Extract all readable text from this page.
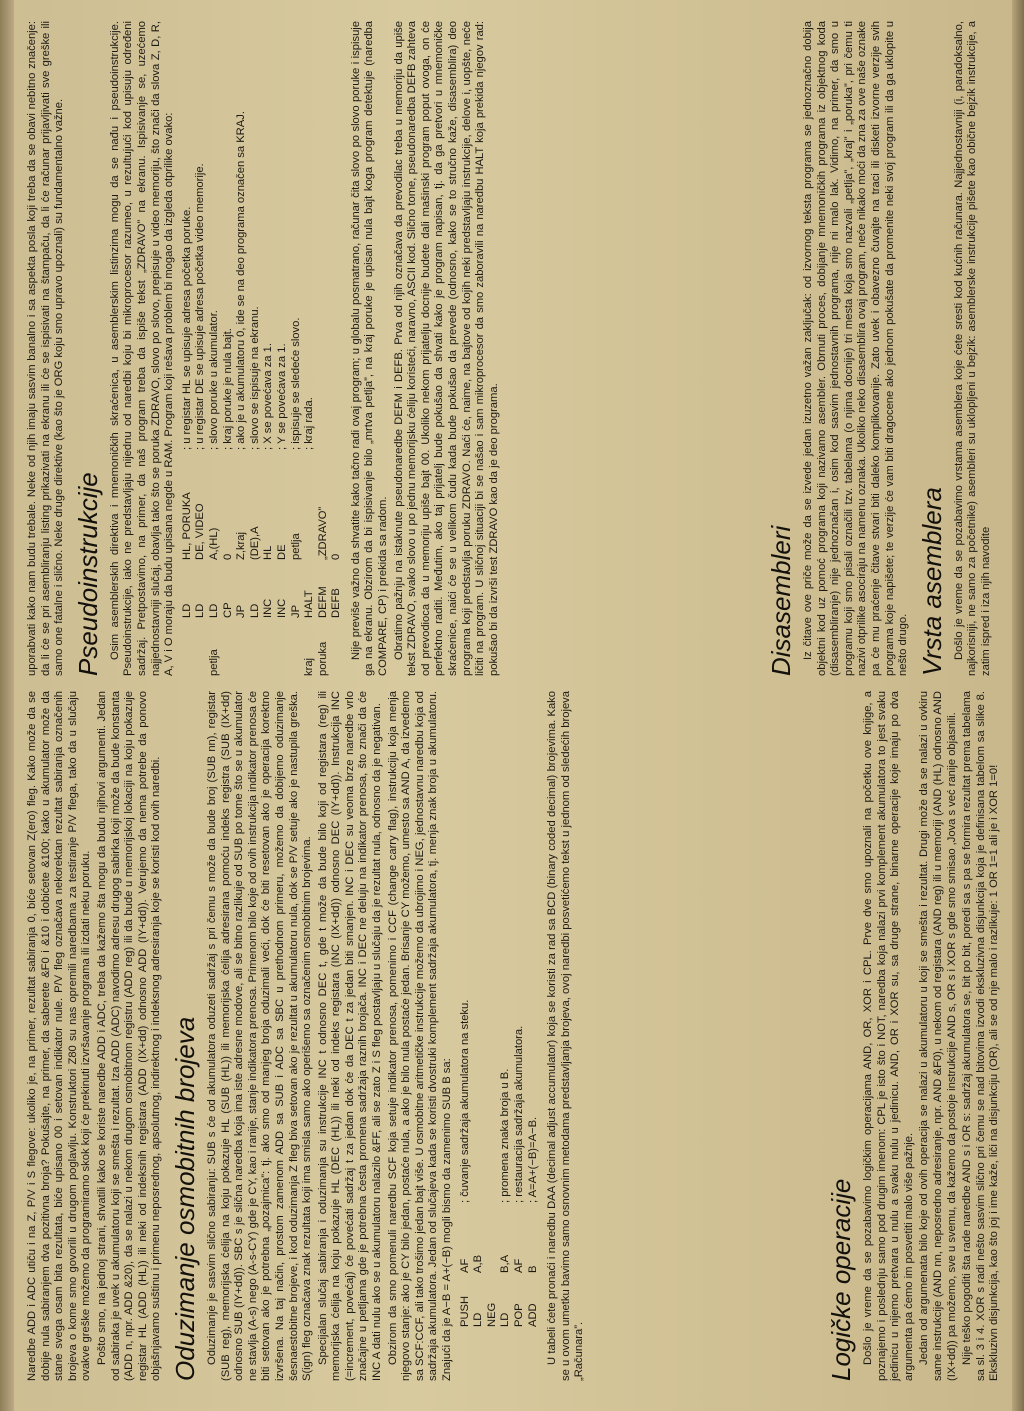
Naredbe ADD i ADC utiču i na Z, P/V i S flegove: ukoliko je, na primer, rezultat sabiranja 0, biće setovan Z(ero) fleg. Kako može da se dobije nula sabiranjem dva pozitivna broja? Pokušajte, na primer, da saberete &F0 i &10 i dobićete &100; kako u akumulator može da stane svega osam bita rezultata, biće upisano 00 i setovan indikator nule. P/V fleg označava nekorektan rezultat sabiranja označenih brojeva o kome smo govorili u drugom poglavlju. Konstruktori Z80 su nas opremili naredbama za testiranje P/V flega, tako da u slučaju ovakve greške možemo da programiramo skok koji će prekinuti izvršavanje programa ili izdati neku poruku. Pošto smo, na jednoj strani, shvatili kako se koriste naredbe ADD i ADC, treba da kažemo šta mogu da budu njihovi argumenti. Jedan od sabiraka je uvek u akumulatoru koji se smešta i rezultat. Iza ADD (ADC) navodimo adresu drugog sabirka koji može da bude konstanta (ADD n, npr. ADD &20), da se nalazi u nekom drugom osmobitnom registru (ADD reg) ili da bude u memorijskoj lokaciji na koju pokazuje registar HL (ADD (HL)) ili neki od indeksnih registara (ADD (IX+dd) odnosno ADD (IY+dd)). Verujemo da nema potrebe da ponovo objašnjavamo suštinu i primenu neposrednog, apsolutnog, indirektnog i indeksnog adresiranja koje se koristi kod ovih naredbi. Oduzimanje osmobitnih brojeva Oduzimanje je sasvim slično sabiranju: SUB s će od akumulatora oduzeti sadržaj s pri čemu s može da bude broj (SUB nn), registar (SUB reg), memorijska ćelija na koju pokazuje HL (SUB (HL)) ili memorijska ćelija adresirana pomoću indeks registra (SUB (IX+dd) odnosno SUB (IY+dd)). SBC s je slična naredba koja ima iste adresne modove, ali se bitno razlikuje od SUB po tome što se u akumulator ne stavlja (A-s) nego (A-s-CY) gde je CY, kao i ranije, stanje indikatora prenosa. Primenom bilo koje od ovih instrukcija indikator prenosa će biti setovan ako je potrebna „pozajmica”: tj. ako smo od manjeg broja oduzimali veći, dok će biti resetovan ako je operacija korektno izvršena. Na taj način, prostom zamenom ADD sa SUB i ADC sa SBC u prethodnom primeru, možemo da dobijemo oduzimanje šesnaestobitne brojeve, i kod oduzimanja Z fleg biva setovan ako je rezultat u akumulatoru nula, dok se P/V setuje ako je nastupila greška. S(ign) fleg označava znak rezultata koji ima smisla samo ako operišemo sa označenim osmobitnim brojevima. Specijalan slučaj sabiranja i oduzimanja su instrukcije INC t odnosno DEC t, gde t može da bude bilo koji od registara (reg) ili memorijska ćelija na koju pokazuje HL (DEC (HL)) ili neki od indeks registara (INC (IX+dd)) odnosno DEC (IY+dd)). Instrukcija INC (=increment, povećaj) će povećati sadržaj t za jedan dok će da DEC t za jedan biti smanjen. INC i DEC su veoma brze naredbe vrlo značajne u petljama gde je potrebna česta promena sadržaja raznih brojača. INC i DEC ne deluju na indikator prenosa, što znači da će INC A dati nulu ako se u akumulatoru nalazilo &FF, ali se zato Z i S fleg postavljaju u slučaju da je rezultat nula, odnosno da je negativan. Obzirom da smo pomenuli naredbu SCF koja setuje indikator prenosa, pomenimo i CCF (change carry flag), instrukciju koja menja njegovo stanje: ako je CY bilo jedan, postaće nula, a ako je bilo nula postaće jedan. Brisanje CY možemo, umesto sa AND A, da izvedemo sa SCF:CCF, ali tako trošimo jedan bajt više. U osmobitne aritmetičke instrukcije možemo da ubrojimo i NEG, jednostavnu naredbu koja od sadržaja akumulatora. Jedan od slučajeva kada se koristi dvostruki komplement sadržaja akumulatora, tj. menja znak broja u akumulatoru. Znajući da je A−B = A+(−B) mogli bismo da zamenimo SUB B sa: PUSH
AF
; čuvanje sadržaja akumulatora na steku.
LD
A,B
NEG LD
B,A
; promena znaka broja u B.
POP
AF
; restauracija sadržaja akumulatora.
ADD
B
; A=A+(−B)=A−B. U tabeli ćete pronaći i naredbu DAA (decimal adjust accumulator) koja se koristi za rad sa BCD (binary coded decimal) brojevima. Kako se u ovom umetku bavimo samo osnovnim metodama predstavljanja brojeva, ovoj naredbi posvetićemo tekst u jednom od sledećih brojeva „Računara”.	Logičke operacije Došlo je vreme da se pozabavimo logičkim operacijama AND, OR, XOR i CPL. Prve dve smo upoznali na početku ove knjige, a poznajemo i poslednju samo pod drugim imenom: CPL je isto što i NOT, naredba koja nalazi prvi komplement akumulatora to jest svaku jedinicu u nijemo pretvara u nulu a svaku nulu u jedinicu. AND, OR i XOR su, sa druge strane, binarne operacije koje imaju po dva argumenta pa ćemo im posvetiti malo više pažnje. Jedan od argumenata bilo koje od ovih operacija se nalazi u akumulatoru u koji se smešta i rezultat. Drugi može da se nalazi u ovkiru same instrukcije (AND nn, neposredno adresiranje, npr. AND &F0), u nekom od registara (AND reg) ili u memoriji (AND (HL) odnosno AND (IX+dd)) pa možemo, sve u svemu, da kažemo da postoje instrukcije AND s, OR s i XOR s gde smo smisao ,Jova s već ranije objasnili. Nije teško pogoditi šta rade naredbe AND s i OR s: sadržaj akumulatora se, bit po bit, poredi sa s pa se formira rezultat prema tabelama sa sl. 3 i 4. XOR s radi nešto sasvim slično pri čemu se nad bitovima izvodi ekskluzivna disjunkcija koja je definisana tabelom sa slike 8. Ekskluzivn disjunkcija, kao što joj i ime kaže, liči na disjunkciju (OR), ali se od nje malo i razlikuje: 1 OR 1=1 ali je i XOR 1=0!

uporabvati kako nam budu trebale. Neke od njih imaju sasvim banalno i sa aspekta posla koji treba da se obavi nebitno značenje: da li će se pri asembliranju listing prikazivati na ekranu ili će se ispisivati na štampaču, da li će računar prijavljivati sve greške ili samo one fatalne i slično. Neke druge direktive (kao što je ORG koju smo upravo upoznali) su fundamentalno važne. Pseudoinstrukcije Osim asemblerskih direktiva i mnemoničkih skraćenica, u asemblerskim listinzima mogu da se nađu i pseudoinstrukcije. Pseudoinstrukcije, iako ne predstavljaju nijednu od naredbi koju bi mikroprocesor razumeo, u rezultujući kod upisuju određeni sadržaj. Pretpostavimo, na primer, da naš program treba da ispiše tekst „ZDRAVO” na ekranu. Ispisivanje se, uzećemo najjednostavniji slučaj, obavlja tako što se poruka ZDRAVO, slovo po slovo, prepisuje u video memoriju, što znači da slova Z, D, R, A, V i O moraju da budu upisana negde u RAM. Program koji rešava problem bi mogao da izgleda otprilike ovako: LD
HL, PORUKA
; u registar HL se upisuje adresa početka poruke.
LD
DE, VIDEO
; u registar DE se upisuje adresa početka video memorije.
petlja
LD
A,(HL)
; slovo poruke u akumulator.
CP
0
; kraj poruke je nula bajt.
JP
Z,kraj
; ako je u akumulatoru 0, ide se na deo programa označen sa KRAJ.
LD
(DE),A
; slovo se ispisuje na ekranu.
INC
HL
; X se povećava za 1.
INC
DE
; Y se povećava za 1.
JP
petlja
; ispisuje se sledeće slovo.
kraj
HALT
; kraj rada.
poruka
DEFM
„ZDRAVO”
DEFB
0 Nije previše važno da shvatite kako tačno radi ovaj program; u globalu posmatrano, računar čita slovo po slovo poruke i ispisuje ga na ekranu. Obzirom da bi ispisivanje bilo „mrtva petlja”, na kraj poruke je upisan nula bajt koga program detektuje (naredba COMPARE, CP) i prekida sa radom. Obratimo pažnju na istaknute pseudonaredbe DEFM i DEFB. Prva od njih označava da prevodilac treba u memoriju da upiše tekst ZDRAVO, svako slovo u po jednu memorijsku ćeliju koristeći, naravno, ASCII kod. Slično tome, pseudonaredba DEFB zahteva od prevodioca da u memoriju upiše bajt 00. Ukoliko nekom prijatelju docnije budete dali mašinski program poput ovoga, on će perfektno raditi. Međutim, ako taj prijatelj bude pokušao da shvati kako je program napisan, tj. da ga pretvori u mnemoničke skraćenice, naići će se u velikom čudu kada bude pokušao da prevede (odnosno, kako se to stručno kaže, disasemblira) deo programa koji predstavlja poruku ZDRAVO. Naći će, naime, na bajtove od kojih neki predstavljaju instrukcije, delove i, uopšte, neće ličiti na program. U sličnoj situaciji bi se našao i sam mikroprocesor da smo zaboravili na naredbu HALT koja prekida njegov rad: pokušao bi da izvrši test ZDRAVO kao da je deo programa.	Disasembleri Iz čitave ove priče može da se izvede jedan izuzetno važan zaključak: od izvornog teksta programa se jednoznačno dobija objektni kod uz pomoć programa koji nazivamo asembler. Obrnuti proces, dobijanje mnemoničkih programa iz objektnog koda (disasembliranje) nije jednoznačan i, osim kod sasvim jednostavnih programa, nije ni malo lak. Vidimo, na primer, da smo u programu koji smo pisali označili tzv. tabelama (o njima docnije) tri mesta koja smo nazvali „petlja”, „kraj” i „poruka”, pri čemu ti nazivi otprilike asociraju na namenu oznaka. Ukoliko neko disasemblira ovaj program, neće nikako moći da zna za ove naše oznake pa će mu praćenje čitave stvari biti daleko komplikovanije. Zato uvek i obavezno čuvajte na traci ili disketi izvorne verzije svih programa koje napišete; te verzije će vam biti dragocene ako jednom pokušate da promenite neki svoj program ili da ga uklopite u nešto drugo. Vrsta asemblera Došlo je vreme da se pozabavimo vrstama asemblera koje ćete sresti kod kućnih računara. Najjednostavniji (i, paradoksalno, najkorisniji, ne samo za početnike) asembleri su ukloplјeni u bejzik: asemblerske instrukcije pišete kao obične bejzik instrukcije, a zatim ispred i iza njih navodite
